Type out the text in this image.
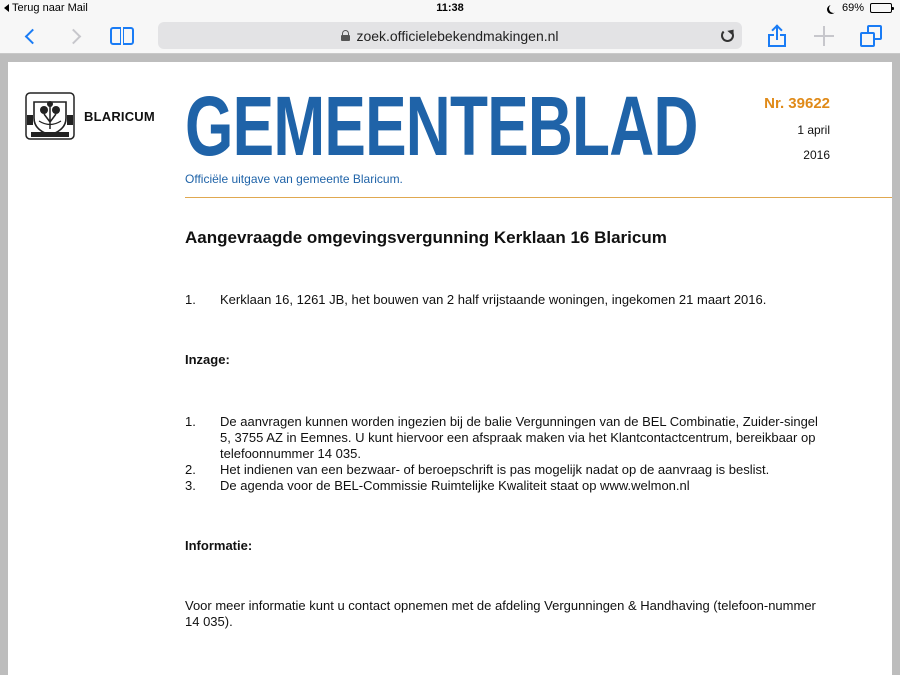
Terug naar Mail	11:38	69%
zoek.officielebekendmakingen.nl
BLARICUM GEMEENTEBLAD
Officiële uitgave van gemeente Blaricum.
Nr. 39622
1 april
2016
Aangevraagde omgevingsvergunning Kerklaan 16 Blaricum
1. Kerklaan 16, 1261 JB, het bouwen van 2 half vrijstaande woningen, ingekomen 21 maart 2016.
Inzage:
1. De aanvragen kunnen worden ingezien bij de balie Vergunningen van de BEL Combinatie, Zuider-singel 5, 3755 AZ in Eemnes. U kunt hiervoor een afspraak maken via het Klantcontactcentrum, bereikbaar op telefoonnummer 14 035.
2. Het indienen van een bezwaar- of beroepschrift is pas mogelijk nadat op de aanvraag is beslist.
3. De agenda voor de BEL-Commissie Ruimtelijke Kwaliteit staat op www.welmon.nl
Informatie:
Voor meer informatie kunt u contact opnemen met de afdeling Vergunningen & Handhaving (telefoon-nummer 14 035).
